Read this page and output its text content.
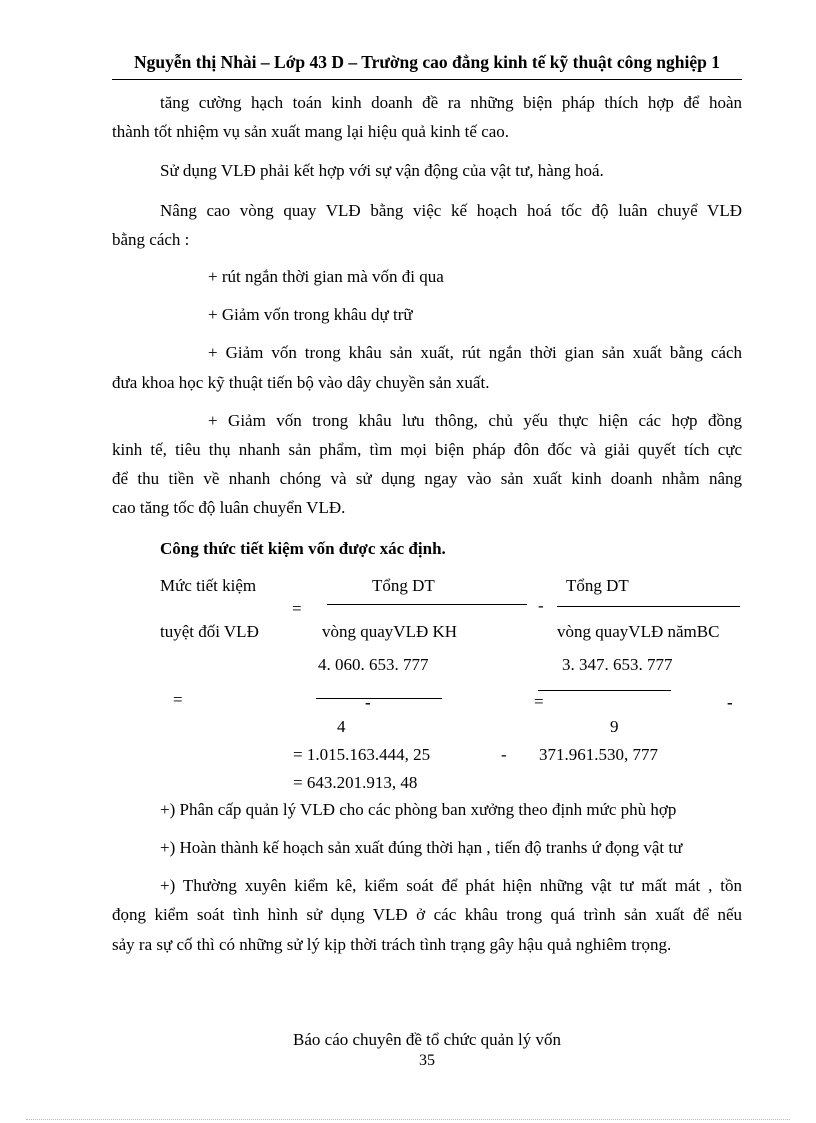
Nguyễn thị Nhài – Lớp 43 D – Trường cao đẳng kinh tế kỹ thuật công nghiệp 1
tăng cường hạch toán kinh doanh đề ra những biện pháp thích hợp để hoàn
thành tốt nhiệm vụ sản xuất mang lại hiệu quả kinh tế cao.
Sử dụng VLĐ phải kết hợp với sự vận động của vật tư, hàng hoá.
Nâng cao vòng quay VLĐ bằng việc kế hoạch hoá tốc độ luân chuyể VLĐ
bằng cách :
+ rút ngắn thời gian mà vốn đi qua
+ Giảm vốn trong khâu dự trữ
+ Giảm vốn trong khâu sản xuất, rút ngắn thời gian sản xuất bằng cách
đưa khoa học kỹ thuật tiến bộ vào dây chuyền sản xuất.
+ Giảm vốn trong khâu lưu thông, chủ yếu thực hiện các hợp đồng
kinh tế, tiêu thụ nhanh sản phẩm, tìm mọi biện pháp đôn đốc và giải quyết tích cực
để thu tiền về nhanh chóng và sử dụng ngay vào sản xuất kinh doanh nhằm nâng
cao tăng tốc độ luân chuyển VLĐ.
Công thức tiết kiệm vốn được xác định.
Mức tiết kiệm
tuyệt đối VLĐ
=
Tổng DT
vòng quayVLĐ KH
-
Tổng DT
vòng quayVLĐ nămBC
4. 060. 653. 777	3. 347. 653. 777
=	-	=	-
4	9
= 1.015.163.444, 25	- 371.961.530, 777
= 643.201.913, 48
+) Phân cấp quản lý VLĐ cho các phòng ban xưởng theo định mức phù hợp
+) Hoàn thành kế hoạch sản xuất đúng thời hạn , tiến độ tranhs ứ đọng vật tư
+) Thường xuyên kiểm kê, kiểm soát để phát hiện những vật tư mất mát , tồn
đọng kiểm soát tình hình sử dụng VLĐ ở các khâu trong quá trình sản xuất để nếu
sảy ra sự cố thì có những sử lý kịp thời trách tình trạng gây hậu quả nghiêm trọng.
Báo cáo chuyên đề tổ chức quản lý vốn
35
